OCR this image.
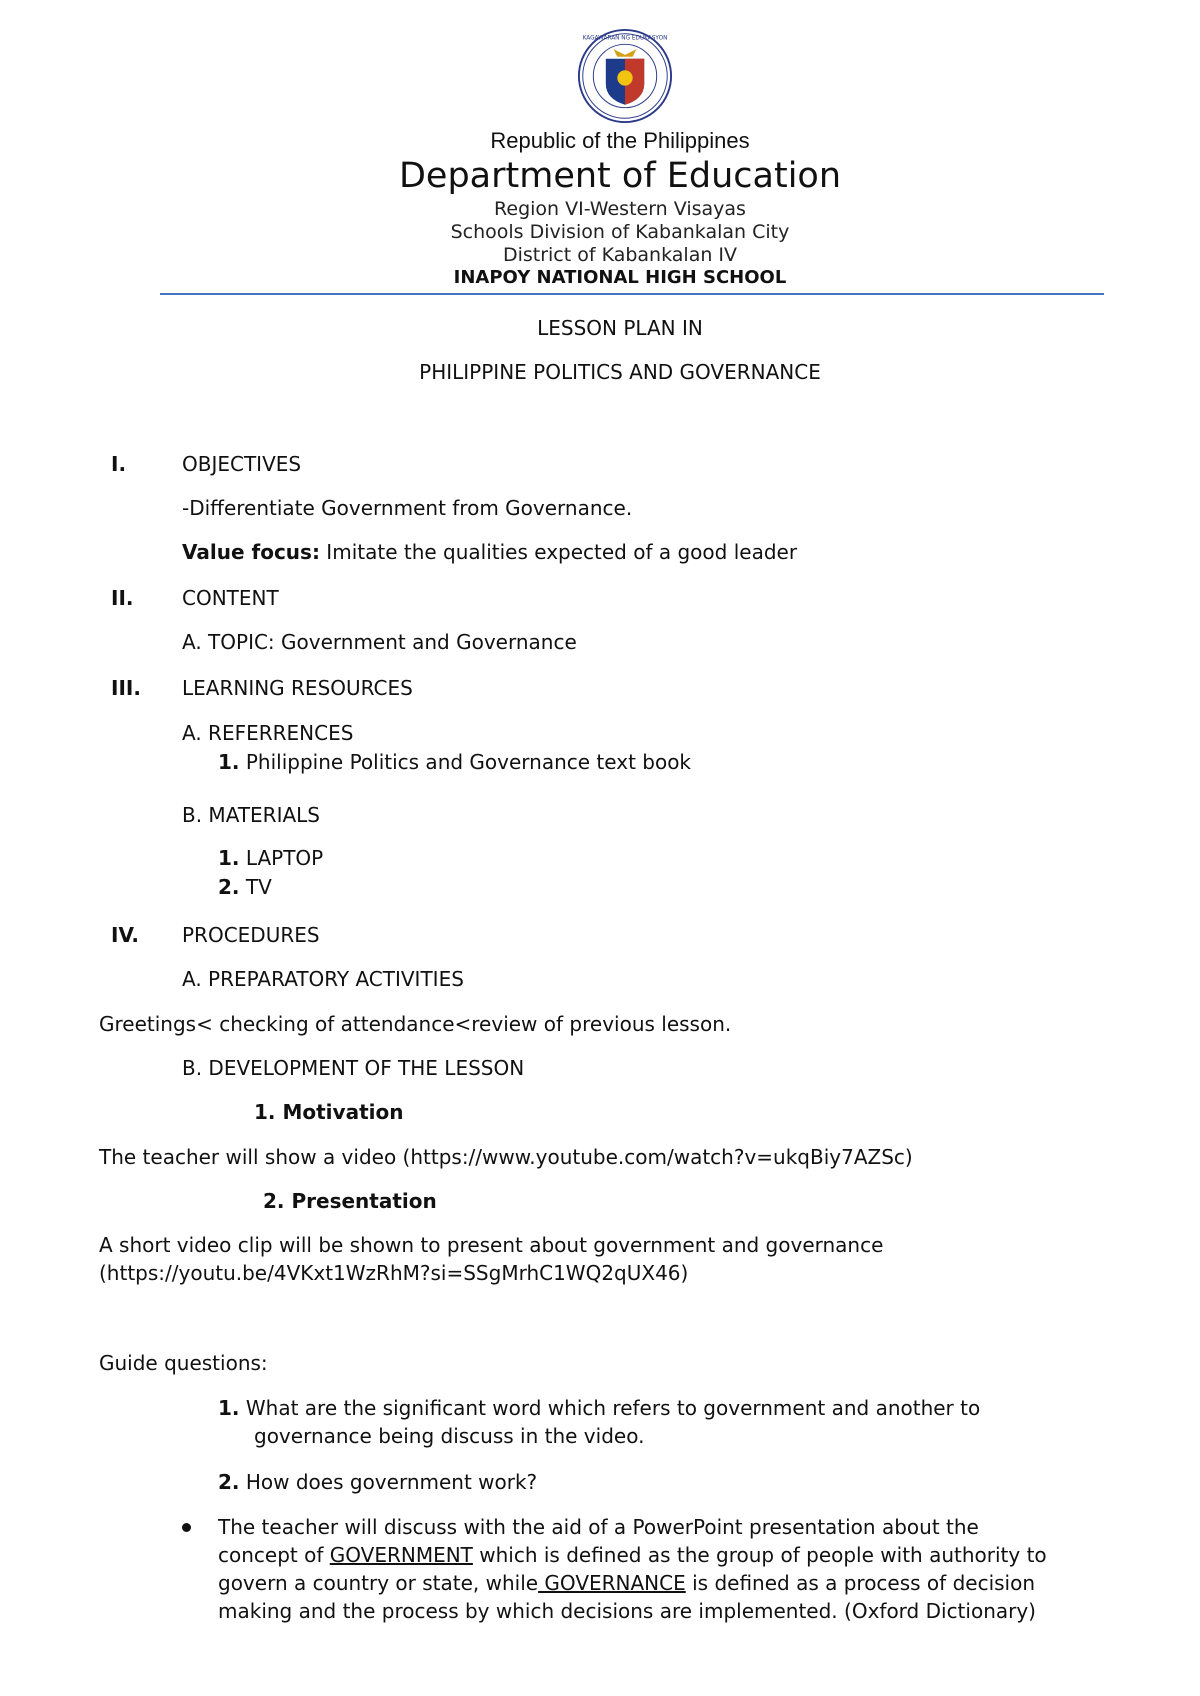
KAGAWARAN NG EDUKASYON
Republic of the Philippines
Department of Education
Region VI-Western Visayas
Schools Division of Kabankalan City
District of Kabankalan IV
INAPOY NATIONAL HIGH SCHOOL
LESSON PLAN IN
PHILIPPINE POLITICS AND GOVERNANCE
I.	OBJECTIVES
-Differentiate Government from Governance.
Value focus: Imitate the qualities expected of a good leader
II. CONTENT
A. TOPIC: Government and Governance
III. LEARNING RESOURCES
A. REFERRENCES
1. Philippine Politics and Governance text book
B. MATERIALS
1. LAPTOP
2. TV
IV. PROCEDURES
A. PREPARATORY ACTIVITIES
Greetings< checking of attendance<review of previous lesson.
B. DEVELOPMENT OF THE LESSON
1. Motivation
The teacher will show a video (https://www.youtube.com/watch?v=ukqBiy7AZSc)
2. Presentation
A short video clip will be shown to present about government and governance
(https://youtu.be/4VKxt1WzRhM?si=SSgMrhC1WQ2qUX46)
Guide questions:
1. What are the significant word which refers to government and another to
governance being discuss in the video.
2. How does government work?
The teacher will discuss with the aid of a PowerPoint presentation about the
concept of GOVERNMENT which is defined as the group of people with authority to
govern a country or state, while GOVERNANCE is defined as a process of decision
making and the process by which decisions are implemented. (Oxford Dictionary)
